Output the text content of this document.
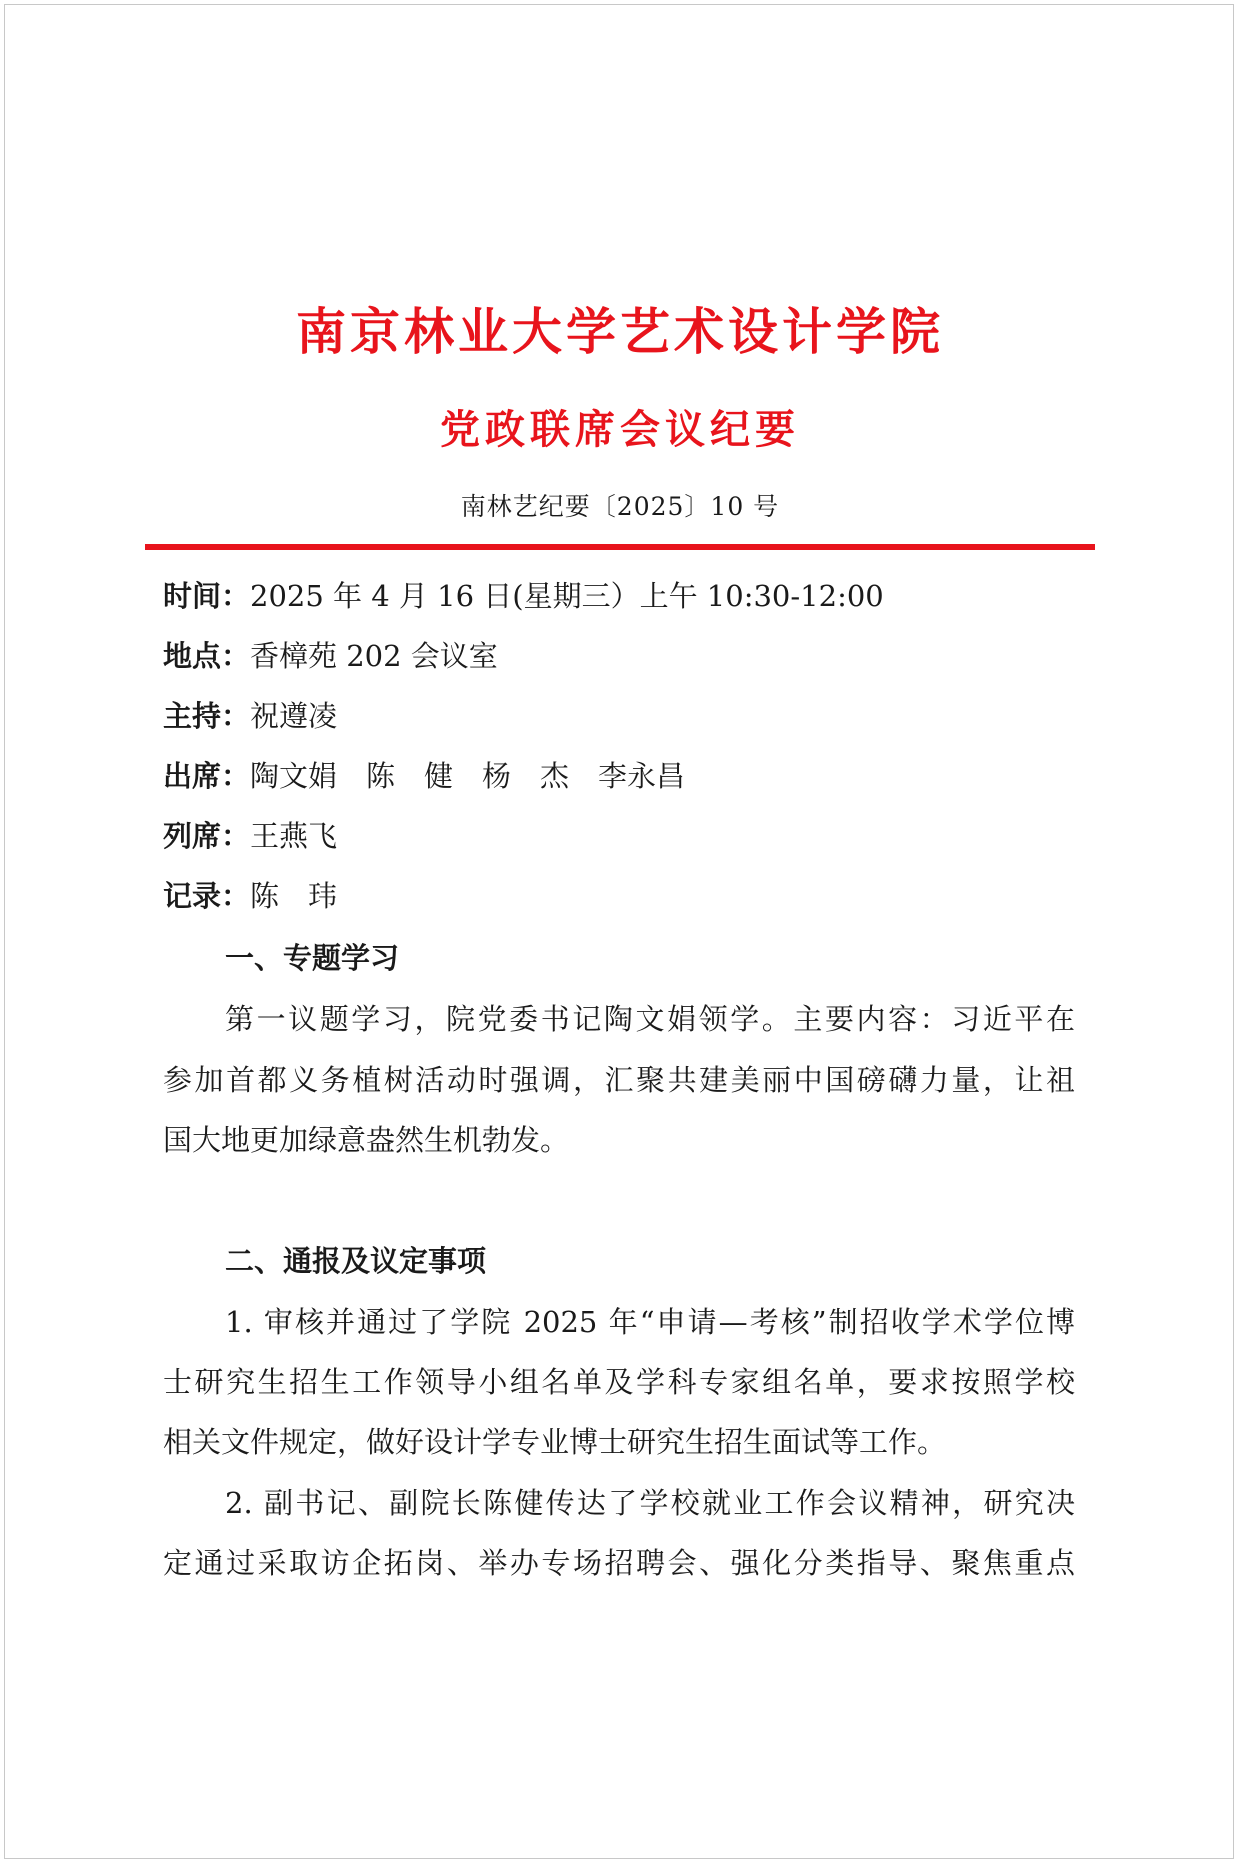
南京林业大学艺术设计学院
党政联席会议纪要
南林艺纪要〔2025〕10 号
时间：2025 年 4 月 16 日(星期三）上午 10:30-12:00
地点：香樟苑 202 会议室
主持：祝遵凌
出席：陶文娟　陈　健　杨　杰　李永昌
列席：王燕飞
记录：陈　玮
一、专题学习
第一议题学习，院党委书记陶文娟领学。主要内容：习近平在
参加首都义务植树活动时强调，汇聚共建美丽中国磅礴力量，让祖
国大地更加绿意盎然生机勃发。
二、通报及议定事项
1. 审核并通过了学院 2025 年“申请—考核”制招收学术学位博
士研究生招生工作领导小组名单及学科专家组名单，要求按照学校
相关文件规定，做好设计学专业博士研究生招生面试等工作。
2. 副书记、副院长陈健传达了学校就业工作会议精神，研究决
定通过采取访企拓岗、举办专场招聘会、强化分类指导、聚焦重点
